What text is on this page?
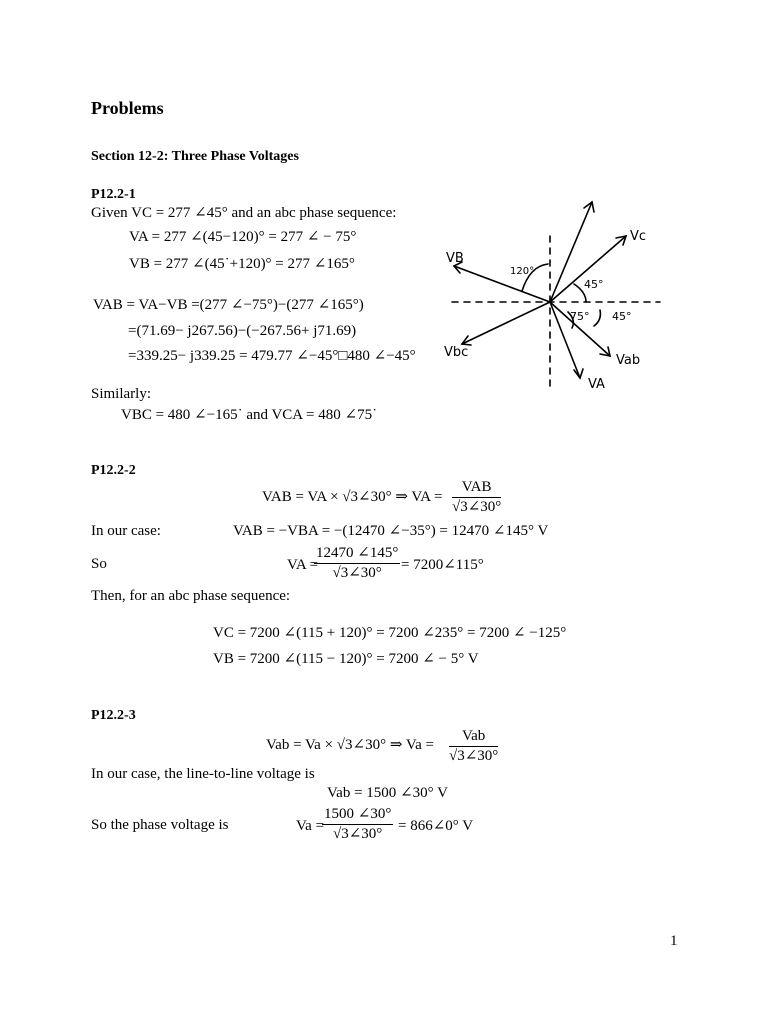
Problems
Section 12-2: Three Phase Voltages
P12.2-1
Given VC = 277 ∠45° and an abc phase sequence:
VA = 277 ∠(45−120)° = 277 ∠ − 75°
VB = 277 ∠(45˙+120)° = 277 ∠165°
VAB = VA−VB =(277 ∠−75°)−(277 ∠165°)
=(71.69− j267.56)−(−267.56+ j71.69)
=339.25− j339.25 = 479.77 ∠−45°□480 ∠−45°
Similarly:
VBC = 480 ∠−165˙ and VCA = 480 ∠75˙
VB
120°
Vc
45°
75° 45°
Vbc
Vab
VA
P12.2-2
VAB = VA × √3∠30° ⇒ VA =
VAB
√3∠30°
In our case:	VAB = −VBA = −(12470 ∠−35°) = 12470 ∠145° V
So	VA =
$\frac{12470 \angle 145^\circ}{√3\angle 30^\circ}$ = 7200∠115°
Then, for an abc phase sequence:
VC = 7200 ∠(115 + 120)° = 7200 ∠235° = 7200 ∠ −125°
VB = 7200 ∠(115 − 120)° = 7200 ∠ − 5° V
P12.2-3
Vab = Va × √3∠30° ⇒ Va =
Vab
√3∠30°
In our case, the line-to-line voltage is
Vab = 1500 ∠30° V
So the phase voltage is	Va =
$\frac{1500 \angle 30^\circ}{√3\angle 30^\circ}$ = 866∠0° V
1
